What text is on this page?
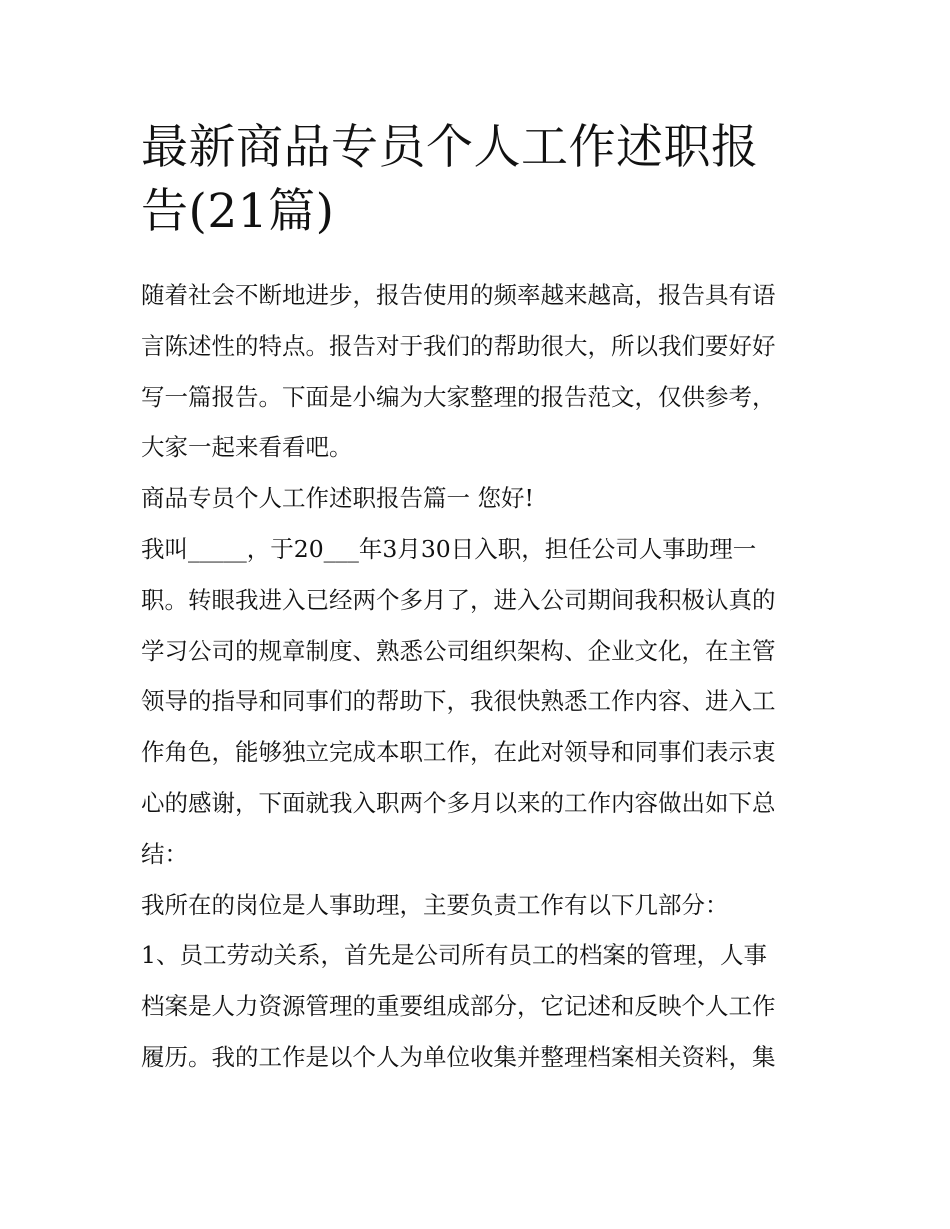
最新商品专员个人工作述职报
告(21篇)
随着社会不断地进步，报告使用的频率越来越高，报告具有语
言陈述性的特点。报告对于我们的帮助很大，所以我们要好好
写一篇报告。下面是小编为大家整理的报告范文，仅供参考，
大家一起来看看吧。
商品专员个人工作述职报告篇一 您好!
我叫_____，于20___年3月30日入职，担任公司人事助理一
职。转眼我进入已经两个多月了，进入公司期间我积极认真的
学习公司的规章制度、熟悉公司组织架构、企业文化，在主管
领导的指导和同事们的帮助下，我很快熟悉工作内容、进入工
作角色，能够独立完成本职工作，在此对领导和同事们表示衷
心的感谢，下面就我入职两个多月以来的工作内容做出如下总
结：
我所在的岗位是人事助理，主要负责工作有以下几部分：
1、员工劳动关系，首先是公司所有员工的档案的管理，人事
档案是人力资源管理的重要组成部分，它记述和反映个人工作
履历。我的工作是以个人为单位收集并整理档案相关资料，集
